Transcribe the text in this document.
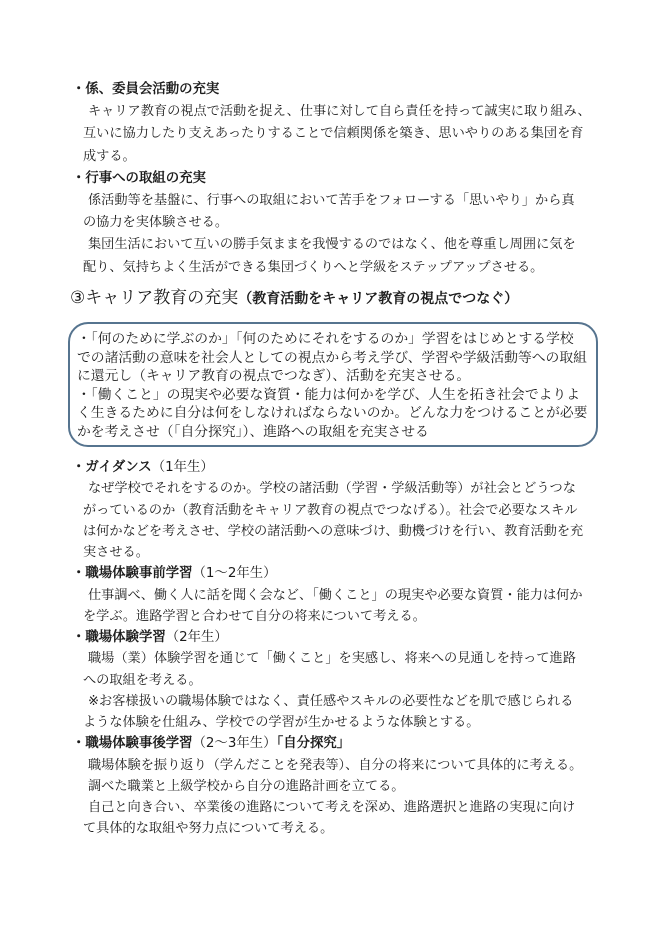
・係、委員会活動の充実
キャリア教育の視点で活動を捉え、仕事に対して自ら責任を持って誠実に取り組み、
互いに協力したり支えあったりすることで信頼関係を築き、思いやりのある集団を育
成する。
・行事への取組の充実
係活動等を基盤に、行事への取組において苦手をフォローする「思いやり」から真
の協力を実体験させる。
集団生活において互いの勝手気ままを我慢するのではなく、他を尊重し周囲に気を
配り、気持ちよく生活ができる集団づくりへと学級をステップアップさせる。
③キャリア教育の充実（教育活動をキャリア教育の視点でつなぐ）
・「何のために学ぶのか」「何のためにそれをするのか」学習をはじめとする学校
での諸活動の意味を社会人としての視点から考え学び、学習や学級活動等への取組
に還元し（キャリア教育の視点でつなぎ）、活動を充実させる。
・「働くこと」の現実や必要な資質・能力は何かを学び、人生を拓き社会でよりよ
く生きるために自分は何をしなければならないのか。どんな力をつけることが必要
かを考えさせ（「自分探究」）、進路への取組を充実させる
・ガイダンス（1年生）
なぜ学校でそれをするのか。学校の諸活動（学習・学級活動等）が社会とどうつな
がっているのか（教育活動をキャリア教育の視点でつなげる）。社会で必要なスキル
は何かなどを考えさせ、学校の諸活動への意味づけ、動機づけを行い、教育活動を充
実させる。
・職場体験事前学習（1～2年生）
仕事調べ、働く人に話を聞く会など、「働くこと」の現実や必要な資質・能力は何か
を学ぶ。進路学習と合わせて自分の将来について考える。
・職場体験学習（2年生）
職場（業）体験学習を通じて「働くこと」を実感し、将来への見通しを持って進路
への取組を考える。
※お客様扱いの職場体験ではなく、責任感やスキルの必要性などを肌で感じられる
ような体験を仕組み、学校での学習が生かせるような体験とする。
・職場体験事後学習（2～3年生）「自分探究」
職場体験を振り返り（学んだことを発表等）、自分の将来について具体的に考える。
調べた職業と上級学校から自分の進路計画を立てる。
自己と向き合い、卒業後の進路について考えを深め、進路選択と進路の実現に向け
て具体的な取組や努力点について考える。
